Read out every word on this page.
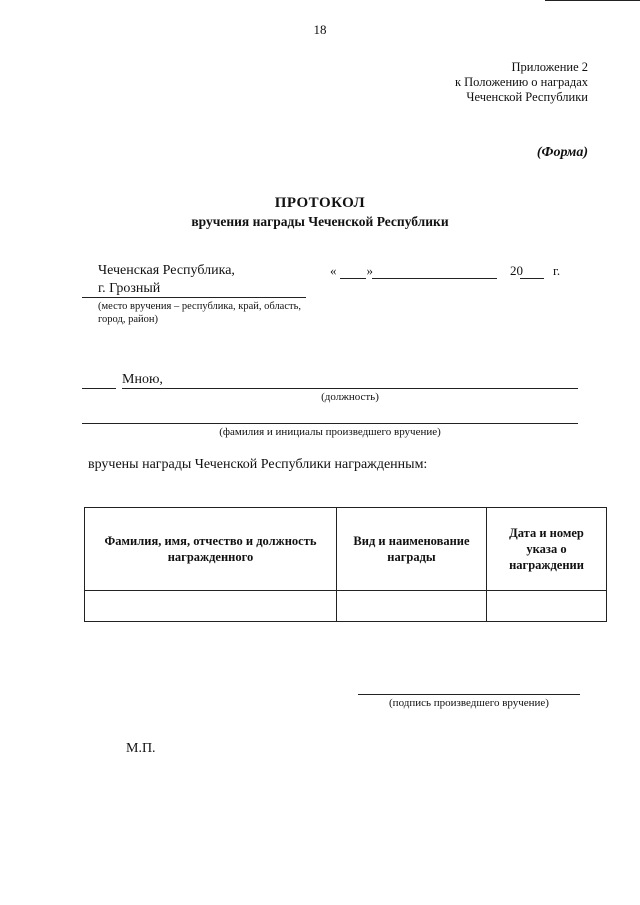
18
Приложение 2
к Положению о наградах
Чеченской Республики
(Форма)
ПРОТОКОЛ
вручения награды Чеченской Республики
Чеченская Республика,
г. Грозный
(место вручения – республика, край, область, город, район)
« »	20 г.
Мною,
(должность)
(фамилия и инициалы произведшего вручение)
вручены награды Чеченской Республики награжденным:
Фамилия, имя, отчество и должность награжденного	Вид и наименование награды	Дата и номер указа о награждении

(подпись произведшего вручение)
М.П.
